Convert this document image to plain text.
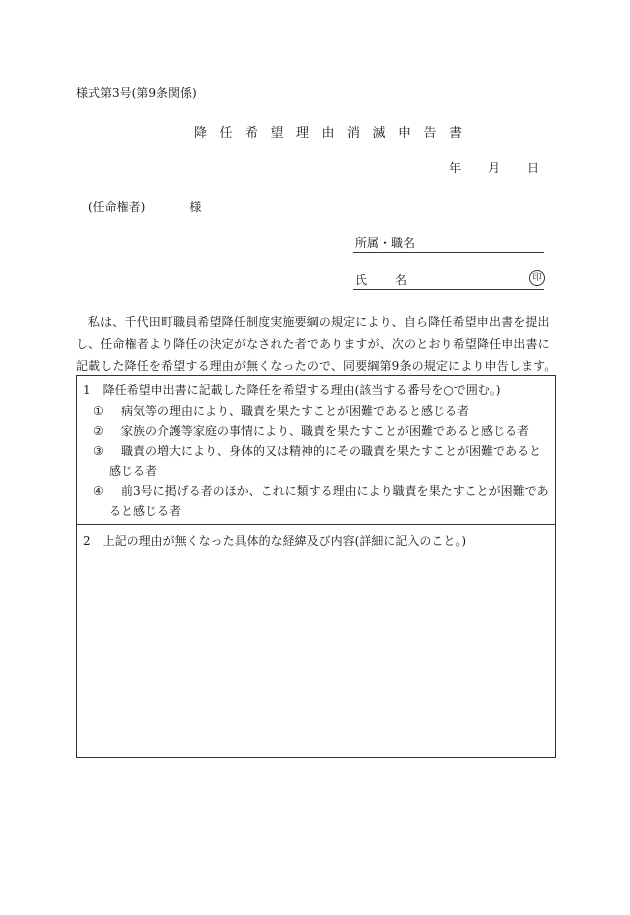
様式第3号(第9条関係)
降任希望理由消滅申告書
年 月 日
(任命権者)	様
所属・職名
氏 名	印
私は、千代田町職員希望降任制度実施要綱の規定により、自ら降任希望申出書を提出し、任命権者より降任の決定がなされた者でありますが、次のとおり希望降任申出書に記載した降任を希望する理由が無くなったので、同要綱第9条の規定により申告します。
1　降任希望申出書に記載した降任を希望する理由(該当する番号を○で囲む。)
①	病気等の理由により、職責を果たすことが困難であると感じる者
②	家族の介護等家庭の事情により、職責を果たすことが困難であると感じる者
③	職責の増大により、身体的又は精神的にその職責を果たすことが困難であると感じる者
④	前3号に掲げる者のほか、これに類する理由により職責を果たすことが困難であると感じる者
2　上記の理由が無くなった具体的な経緯及び内容(詳細に記入のこと。)
